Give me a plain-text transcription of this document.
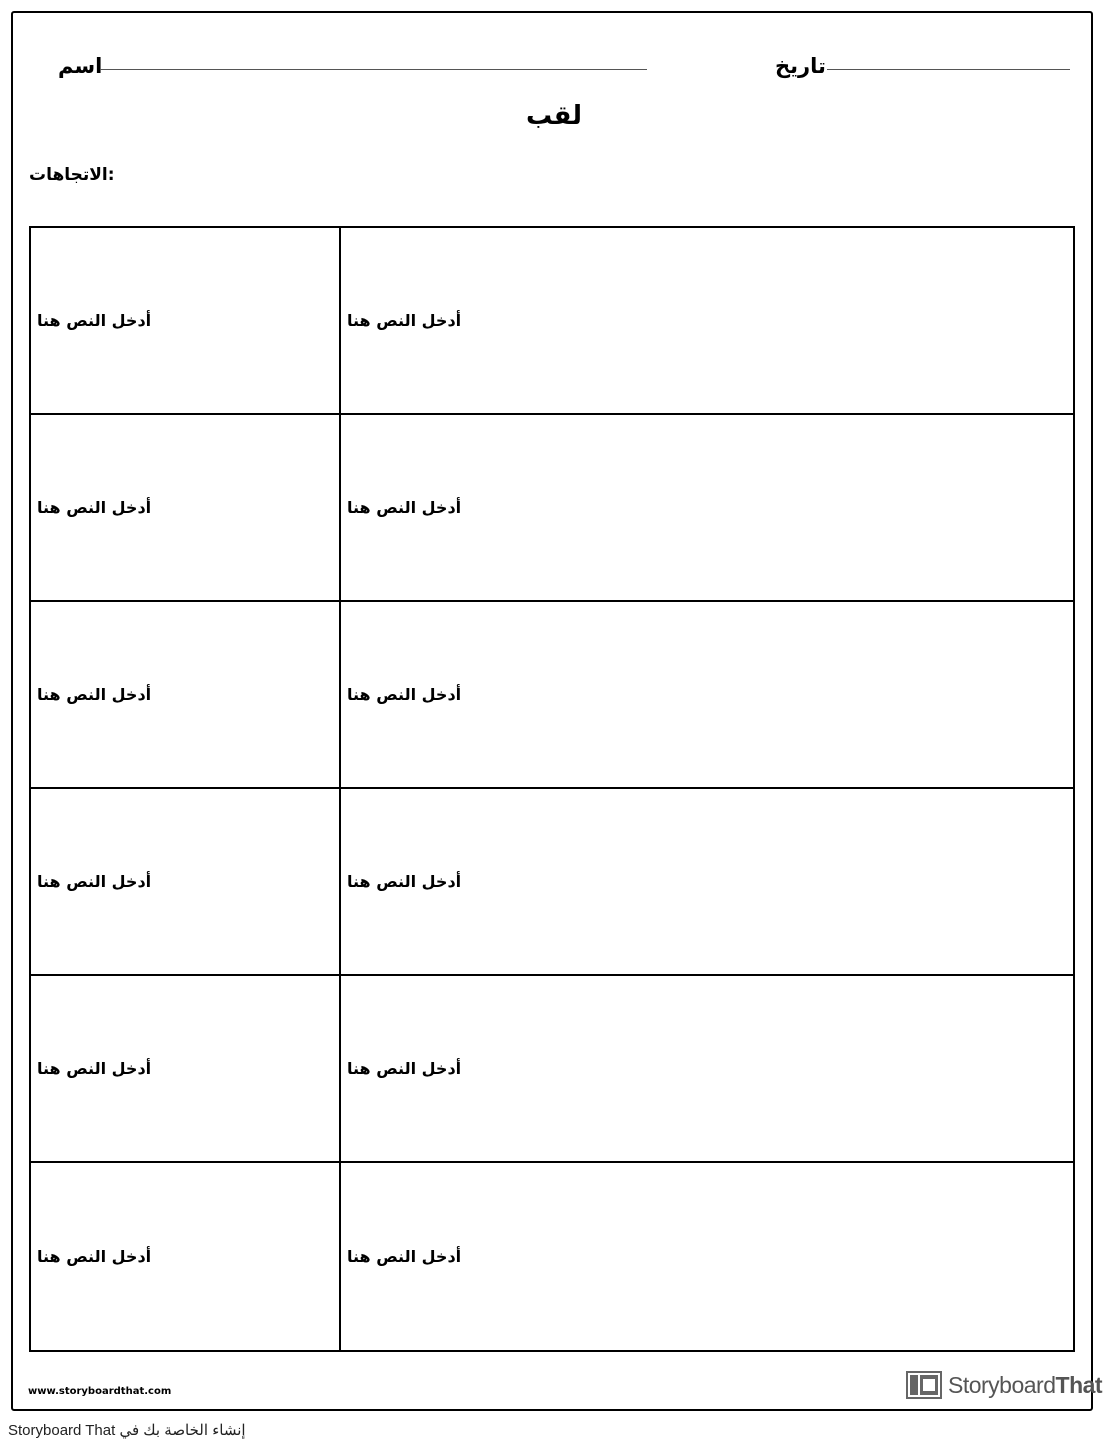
اسم	تاريخ
لقب
:الاتجاهات
أدخل النص هنا	أدخل النص هنا
أدخل النص هنا	أدخل النص هنا
أدخل النص هنا	أدخل النص هنا
أدخل النص هنا	أدخل النص هنا
أدخل النص هنا	أدخل النص هنا
أدخل النص هنا	أدخل النص هنا
www.storyboardthat.com	StoryboardThat
Storyboard That إنشاء الخاصة بك في
